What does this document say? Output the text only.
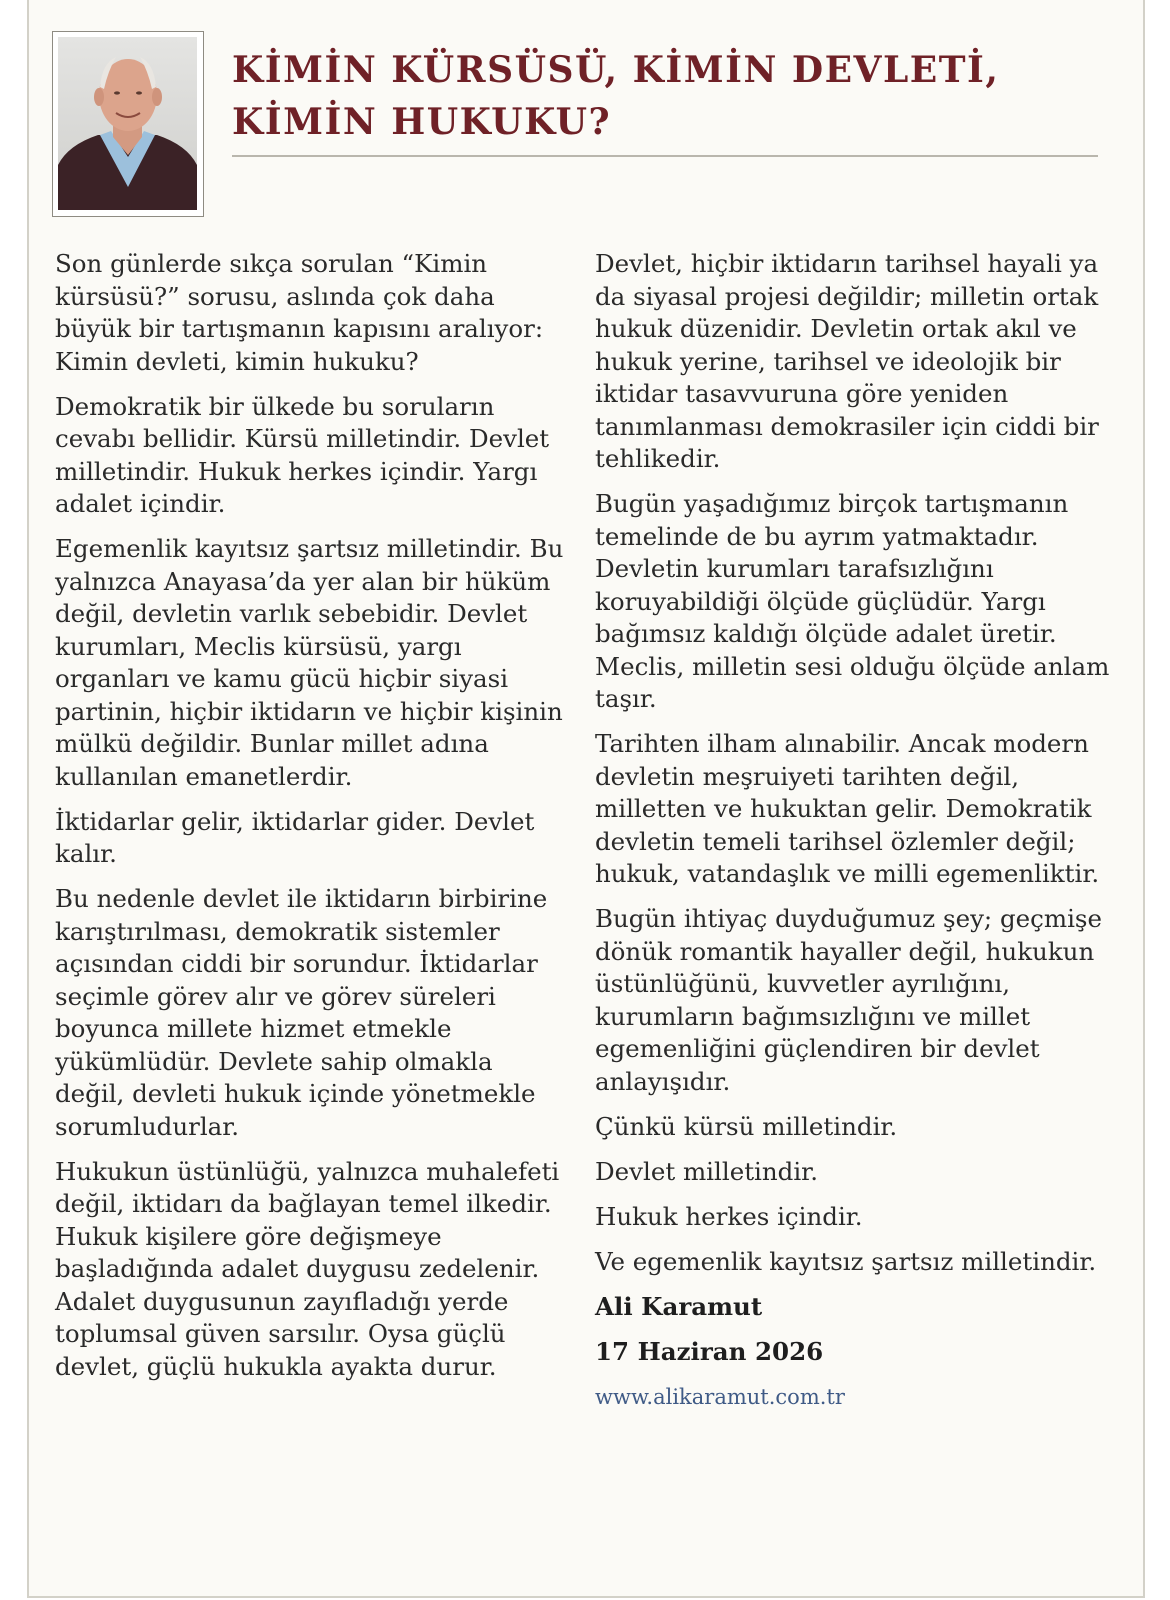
KİMİN KÜRSÜSÜ, KİMİN DEVLETİ,
KİMİN HUKUKU?

Son günlerde sıkça sorulan “Kimin kürsüsü?” sorusu, aslında çok daha büyük bir tartışmanın kapısını aralıyor: Kimin devleti, kimin hukuku?

Demokratik bir ülkede bu soruların cevabı bellidir. Kürsü milletindir. Devlet milletindir. Hukuk herkes içindir. Yargı adalet içindir.

Egemenlik kayıtsız şartsız milletindir. Bu yalnızca Anayasa’da yer alan bir hüküm değil, devletin varlık sebebidir. Devlet kurumları, Meclis kürsüsü, yargı organları ve kamu gücü hiçbir siyasi partinin, hiçbir iktidarın ve hiçbir kişinin mülkü değildir. Bunlar millet adına kullanılan emanetlerdir.

İktidarlar gelir, iktidarlar gider. Devlet kalır.

Bu nedenle devlet ile iktidarın birbirine karıştırılması, demokratik sistemler açısından ciddi bir sorundur. İktidarlar seçimle görev alır ve görev süreleri boyunca millete hizmet etmekle yükümlüdür. Devlete sahip olmakla değil, devleti hukuk içinde yönetmekle sorumludurlar.

Hukukun üstünlüğü, yalnızca muhalefeti değil, iktidarı da bağlayan temel ilkedir. Hukuk kişilere göre değişmeye başladığında adalet duygusu zedelenir. Adalet duygusunun zayıfladığı yerde toplumsal güven sarsılır. Oysa güçlü devlet, güçlü hukukla ayakta durur.

Devlet, hiçbir iktidarın tarihsel hayali ya da siyasal projesi değildir; milletin ortak hukuk düzenidir. Devletin ortak akıl ve hukuk yerine, tarihsel ve ideolojik bir iktidar tasavvuruna göre yeniden tanımlanması demokrasiler için ciddi bir tehlikedir.

Bugün yaşadığımız birçok tartışmanın temelinde de bu ayrım yatmaktadır. Devletin kurumları tarafsızlığını koruyabildiği ölçüde güçlüdür. Yargı bağımsız kaldığı ölçüde adalet üretir. Meclis, milletin sesi olduğu ölçüde anlam taşır.

Tarihten ilham alınabilir. Ancak modern devletin meşruiyeti tarihten değil, milletten ve hukuktan gelir. Demokratik devletin temeli tarihsel özlemler değil; hukuk, vatandaşlık ve milli egemenliktir.

Bugün ihtiyaç duyduğumuz şey; geçmişe dönük romantik hayaller değil, hukukun üstünlüğünü, kuvvetler ayrılığını, kurumların bağımsızlığını ve millet egemenliğini güçlendiren bir devlet anlayışıdır.

Çünkü kürsü milletindir.

Devlet milletindir.

Hukuk herkes içindir.

Ve egemenlik kayıtsız şartsız milletindir.

Ali Karamut

17 Haziran 2026

www.alikaramut.com.tr
